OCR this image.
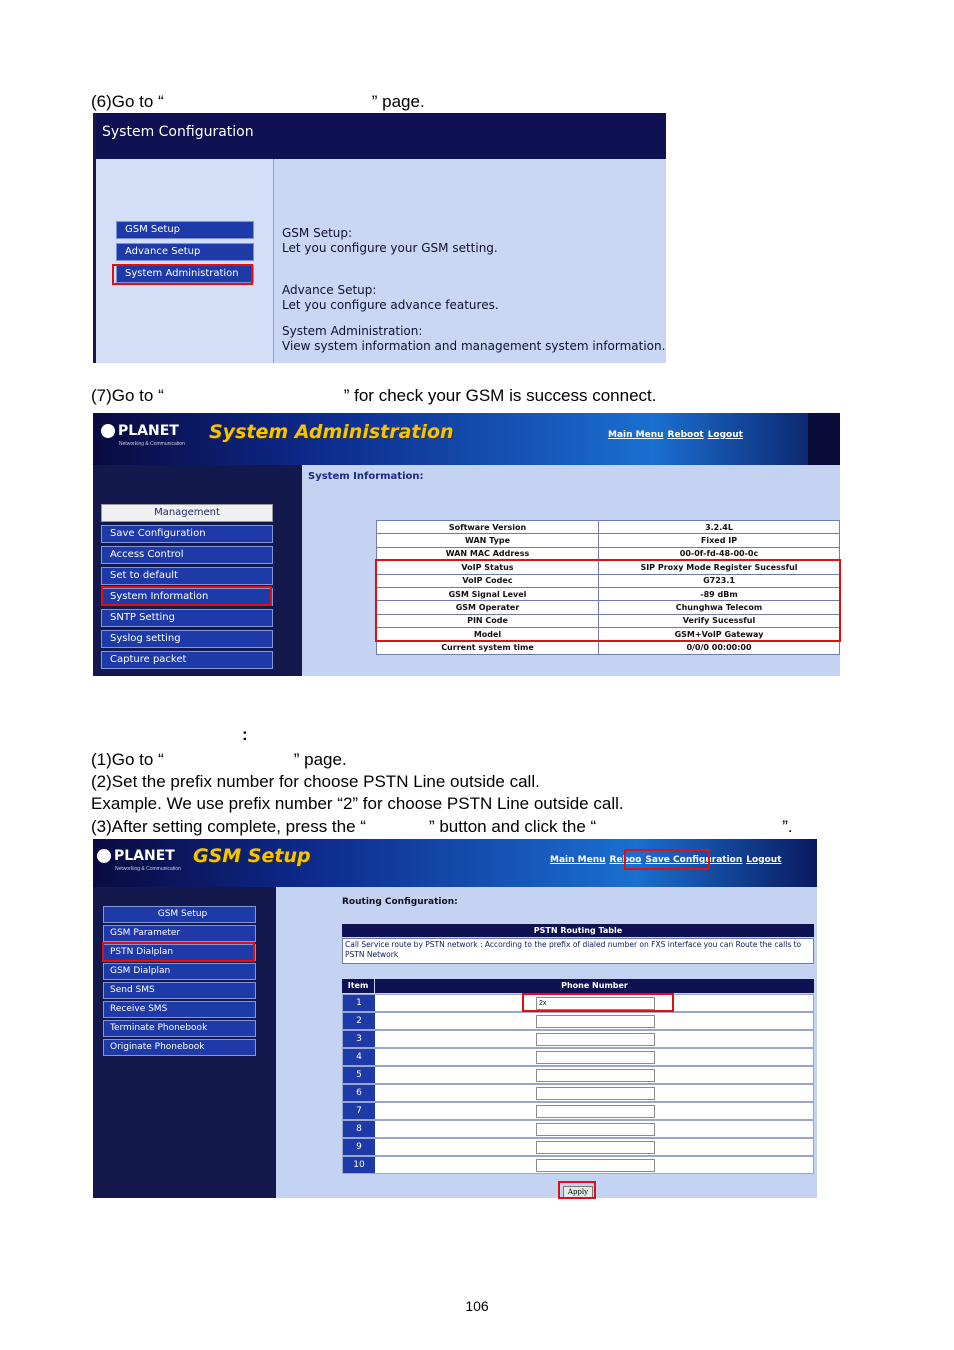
(6)Go to “	” page.
System Configuration
GSM Setup
Advance Setup
System Administration
GSM Setup:
Let you configure your GSM setting.
Advance Setup:
Let you configure advance features.
System Administration:
View system information and management system information.
(7)Go to “	” for check your GSM is success connect.
PLANET
Networking & Communication
System Administration	Main Menu Reboot Logout
Management
Save Configuration
Access Control
Set to default
System Information
SNTP Setting
Syslog setting
Capture packet
System Information:
Software Version	3.2.4L
WAN Type	Fixed IP
WAN MAC Address	00-0f-fd-48-00-0c
VoIP Status	SIP Proxy Mode Register Sucessful
VoIP Codec	G723.1
GSM Signal Level	-89 dBm
GSM Operater	Chunghwa Telecom
PIN Code	Verify Sucessful
Model	GSM+VoIP Gateway
Current system time	0/0/0 00:00:00
:
(1)Go to “	” page.
(2)Set the prefix number for choose PSTN Line outside call.
Example. We use prefix number “2” for choose PSTN Line outside call.
(3)After setting complete, press the “	” button and click the “	”.
PLANET
Networking & Communication
GSM Setup	Main Menu Reboo Save Configuration Logout
GSM Setup
GSM Parameter
PSTN Dialplan
GSM Dialplan
Send SMS
Receive SMS
Terminate Phonebook
Originate Phonebook
Routing Configuration:
PSTN Routing Table
Call Service route by PSTN network : According to the prefix of dialed number on FXS interface you can Route the calls to PSTN Network
Item	Phone Number
1	2x
2
3
4
5
6
7
8
9
10
Apply
106
